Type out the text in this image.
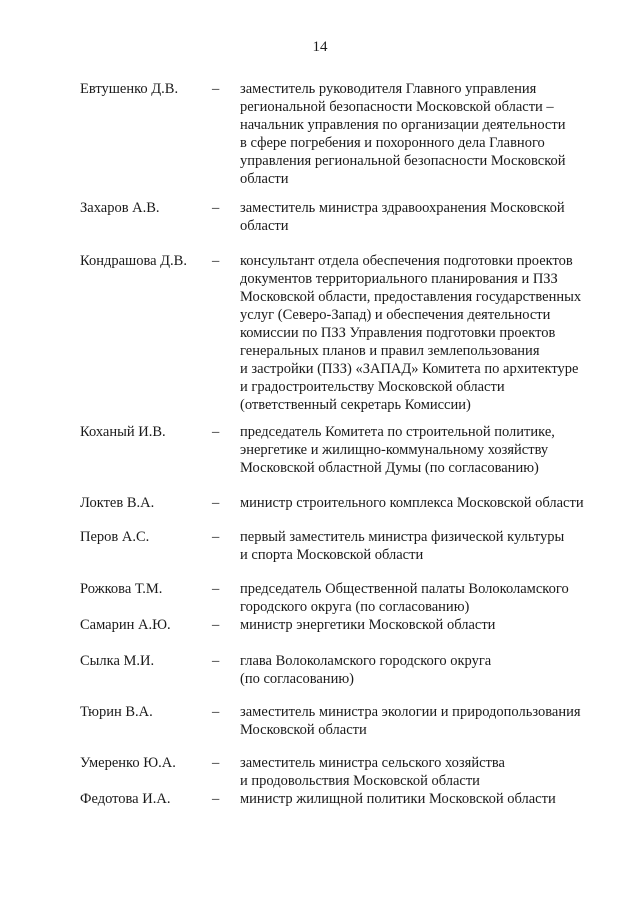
14
Евтушенко Д.В. – заместитель руководителя Главного управления
региональной безопасности Московской области –
начальник управления по организации деятельности
в сфере погребения и похоронного дела Главного
управления региональной безопасности Московской
области
Захаров А.В.	– заместитель министра здравоохранения Московской
области
Кондрашова Д.В. – консультант отдела обеспечения подготовки проектов
документов территориального планирования и ПЗЗ
Московской области, предоставления государственных
услуг (Северо-Запад) и обеспечения деятельности
комиссии по ПЗЗ Управления подготовки проектов
генеральных планов и правил землепользования
и застройки (ПЗЗ) «ЗАПАД» Комитета по архитектуре
и градостроительству Московской области
(ответственный секретарь Комиссии)
Коханый И.В.	– председатель Комитета по строительной политике,
энергетике и жилищно-коммунальному хозяйству
Московской областной Думы (по согласованию)
Локтев В.А.	– министр строительного комплекса Московской области
Перов А.С.	– первый заместитель министра физической культуры
и спорта Московской области
Рожкова Т.М.	– председатель Общественной палаты Волоколамского
городского округа (по согласованию)
Самарин А.Ю.	– министр энергетики Московской области
Сылка М.И.	– глава Волоколамского городского округа
(по согласованию)
Тюрин В.А.	– заместитель министра экологии и природопользования
Московской области
Умеренко Ю.А. – заместитель министра сельского хозяйства
и продовольствия Московской области
Федотова И.А.	– министр жилищной политики Московской области
